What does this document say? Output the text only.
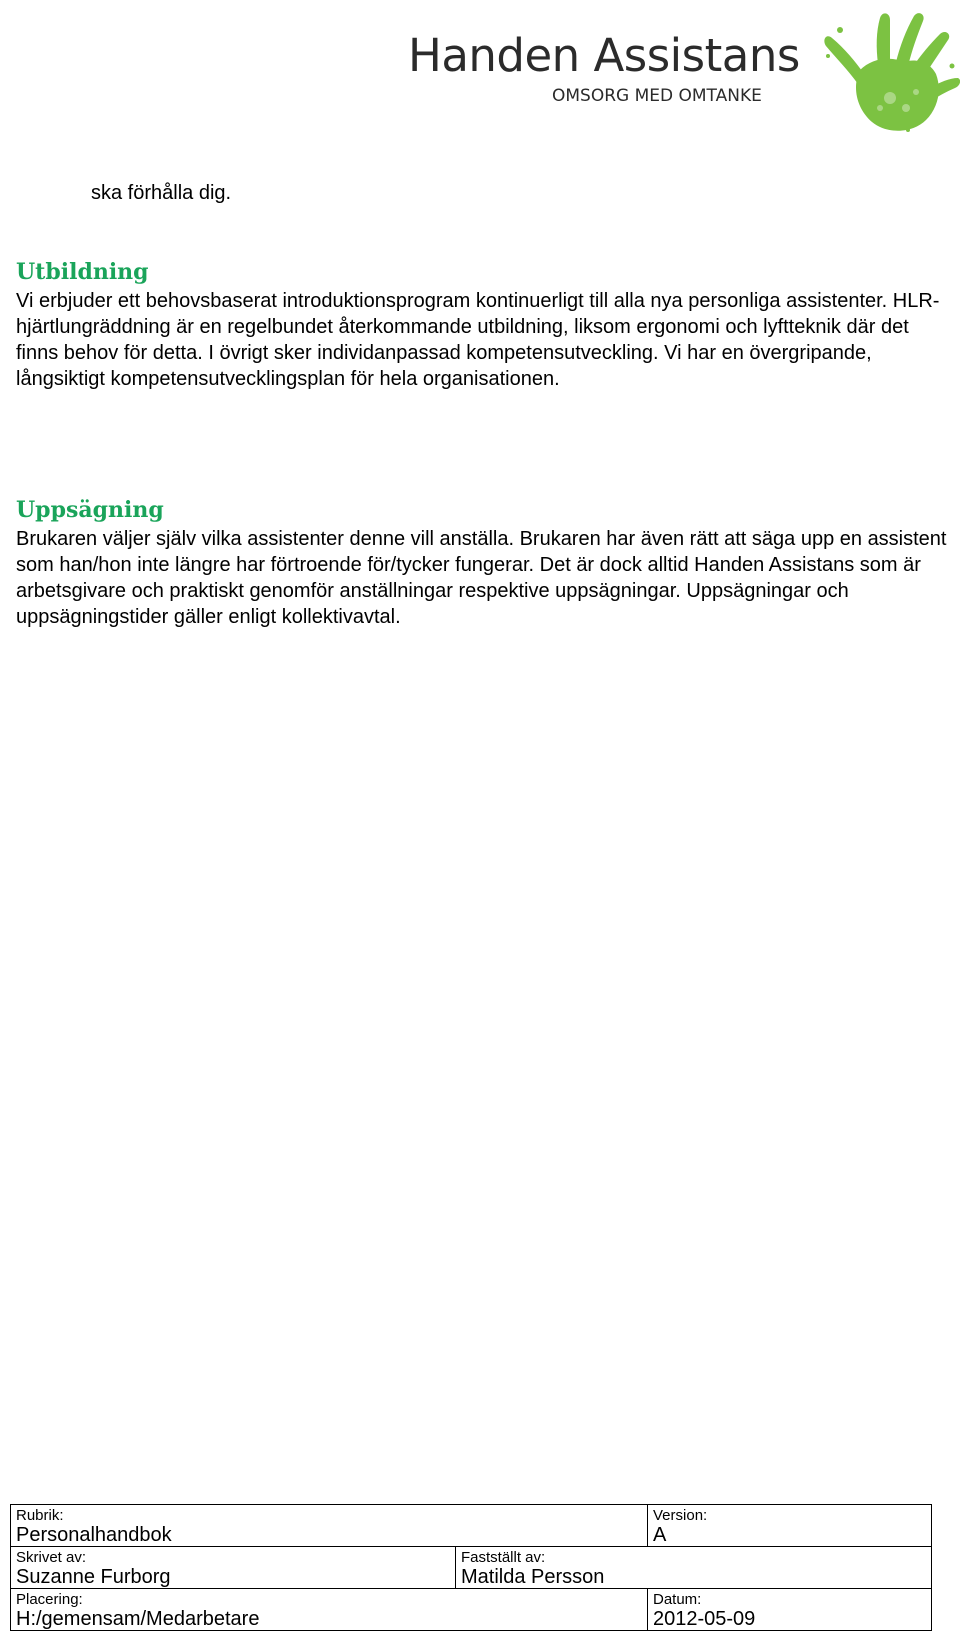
Handen Assistans
OMSORG MED OMTANKE
ska förhålla dig.
Utbildning

Vi erbjuder ett behovsbaserat introduktionsprogram kontinuerligt till alla nya personliga assistenter. HLR-hjärtlungräddning är en regelbundet återkommande utbildning, liksom ergonomi och lyftteknik där det finns behov för detta. I övrigt sker individanpassad kompetensutveckling. Vi har en övergripande, långsiktigt kompetensutvecklingsplan för hela organisationen.

Uppsägning

Brukaren väljer själv vilka assistenter denne vill anställa. Brukaren har även rätt att säga upp en assistent som han/hon inte längre har förtroende för/tycker fungerar. Det är dock alltid Handen Assistans som är arbetsgivare och praktiskt genomför anställningar respektive uppsägningar. Uppsägningar och uppsägningstider gäller enligt kollektivavtal.

Rubrik:
Personalhandbok		Version:
A

Skrivet av:
Suzanne Furborg	Fastställt av:
Matilda Persson	

Placering:
H:/gemensam/Medarbetare		Datum:
2012-05-09
